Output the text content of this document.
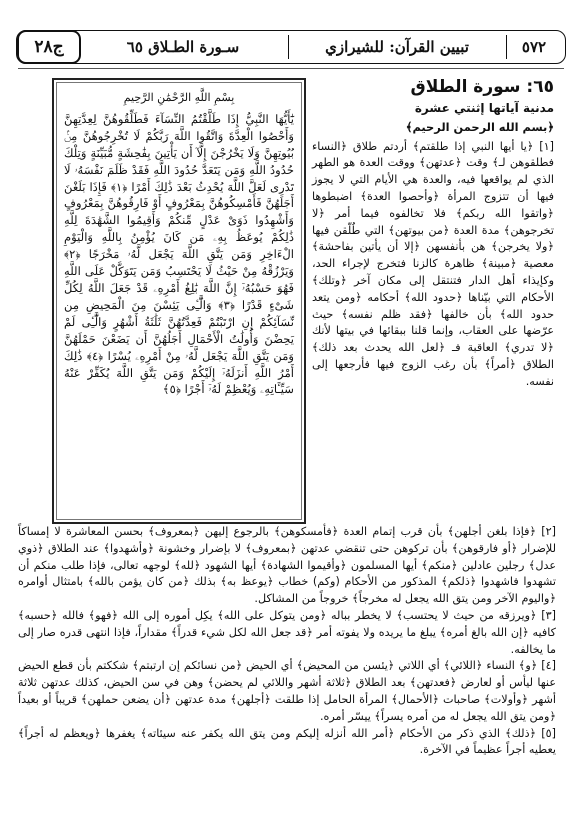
٥٧٢
تبيين القرآن: للشيرازي
سـورة الطـلاق ٦٥
ج٢٨
بِسْمِ اللَّهِ الرَّحْمَٰنِ الرَّحِيمِ
يَٰٓأَيُّهَا النَّبِيُّ إِذَا طَلَّقْتُمُ النِّسَآءَ فَطَلِّقُوهُنَّ لِعِدَّتِهِنَّ وَأَحْصُوا الْعِدَّةَ وَاتَّقُوا اللَّهَ رَبَّكُمْ لَا تُخْرِجُوهُنَّ مِنۢ بُيُوتِهِنَّ وَلَا يَخْرُجْنَ إِلَّآ أَن يَأْتِينَ بِفَٰحِشَةٍ مُّبَيِّنَةٍ وَتِلْكَ حُدُودُ اللَّهِ وَمَن يَتَعَدَّ حُدُودَ اللَّهِ فَقَدْ ظَلَمَ نَفْسَهُۥ لَا تَدْرِى لَعَلَّ اللَّهَ يُحْدِثُ بَعْدَ ذَٰلِكَ أَمْرًا ﴿١﴾ فَإِذَا بَلَغْنَ أَجَلَهُنَّ فَأَمْسِكُوهُنَّ بِمَعْرُوفٍ أَوْ فَارِقُوهُنَّ بِمَعْرُوفٍ وَأَشْهِدُوا ذَوَىْ عَدْلٍ مِّنكُمْ وَأَقِيمُوا الشَّهَٰدَةَ لِلَّهِ ذَٰلِكُمْ يُوعَظُ بِهِۦ مَن كَانَ يُؤْمِنُ بِاللَّهِ وَالْيَوْمِ الْءَاخِرِ وَمَن يَتَّقِ اللَّهَ يَجْعَل لَّهُۥ مَخْرَجًا ﴿٢﴾ وَيَرْزُقْهُ مِنْ حَيْثُ لَا يَحْتَسِبُ وَمَن يَتَوَكَّلْ عَلَى اللَّهِ فَهُوَ حَسْبُهُۥٓ إِنَّ اللَّهَ بَٰلِغُ أَمْرِهِۦ قَدْ جَعَلَ اللَّهُ لِكُلِّ شَىْءٍ قَدْرًا ﴿٣﴾ وَالَّٰٓـِٔى يَئِسْنَ مِنَ الْمَحِيضِ مِن نِّسَآئِكُمْ إِنِ ارْتَبْتُمْ فَعِدَّتُهُنَّ ثَلَٰثَةُ أَشْهُرٍ وَالَّٰٓـِٔى لَمْ يَحِضْنَ وَأُولَٰتُ الْأَحْمَالِ أَجَلُهُنَّ أَن يَضَعْنَ حَمْلَهُنَّ وَمَن يَتَّقِ اللَّهَ يَجْعَل لَّهُۥ مِنْ أَمْرِهِۦ يُسْرًا ﴿٤﴾ ذَٰلِكَ أَمْرُ اللَّهِ أَنزَلَهُۥٓ إِلَيْكُمْ وَمَن يَتَّقِ اللَّهَ يُكَفِّرْ عَنْهُ سَيِّـَٔاتِهِۦ وَيُعْظِمْ لَهُۥٓ أَجْرًا ﴿٥﴾
٦٥: سورة الطلاق
مدنية آياتها إثنتي عشرة
﴿بسم الله الرحمن الرحيم﴾

[١] ﴿يا أيها النبي إذا طلقتم﴾ أردتم طلاق ﴿النساء فطلقوهن لـ﴾ وقت ﴿عدتهن﴾ ووقت العدة هو الطهر الذي لم يواقعها فيه، والعدة هي الأيام التي لا يجوز فيها أن تتزوج المرأة ﴿وأحصوا العدة﴾ اضبطوها ﴿واتقوا الله ربكم﴾ فلا تخالفوه فيما أمر ﴿لا تخرجوهن﴾ مدة العدة ﴿من بيوتهن﴾ التي طُلّقن فيها ﴿ولا يخرجن﴾ هن بأنفسهن ﴿إلا أن يأتين بفاحشة﴾ معصية ﴿مبينة﴾ ظاهرة كالزنا فتخرج لإجراء الحد، وكإيذاء أهل الدار فتنتقل إلى مكان آخر ﴿وتلك﴾ الأحكام التي بيّناها ﴿حدود الله﴾ أحكامه ﴿ومن يتعد حدود الله﴾ بأن خالفها ﴿فقد ظلم نفسه﴾ حيث عرّضها على العقاب، وإنما قلنا ببقائها في بيتها لأنك ﴿لا تدري﴾ العاقبة فـ ﴿لعل الله يحدث بعد ذلك﴾ الطلاق ﴿أمراً﴾ بأن رغب الزوج فيها فأرجعها إلى نفسه.

[٢] ﴿فإذا بلغن أجلهن﴾ بأن قرب إتمام العدة ﴿فأمسكوهن﴾ بالرجوع إليهن ﴿بمعروف﴾ بحسن المعاشرة لا إمساكاً للإضرار ﴿أو فارقوهن﴾ بأن تركوهن حتى تنقضي عدتهن ﴿بمعروف﴾ لا بإضرار وخشونة ﴿وأشهدوا﴾ عند الطلاق ﴿ذوي عدل﴾ رجلين عادلين ﴿منكم﴾ أيها المسلمون ﴿وأقيموا الشهادة﴾ أيها الشهود ﴿لله﴾ لوجهه تعالى، فإذا طلب منكم أن تشهدوا فاشهدوا ﴿ذلكم﴾ المذكور من الأحكام (وكم) خطاب ﴿يوعظ به﴾ بذلك ﴿من كان يؤمن بالله﴾ بامتثال أوامره ﴿واليوم الآخر ومن يتق الله يجعل له مخرجاً﴾ خروجاً من المشاكل.

[٣] ﴿ويرزقه من حيث لا يحتسب﴾ لا يخطر بباله ﴿ومن يتوكل على الله﴾ يكِل أموره إلى الله ﴿فهو﴾ فالله ﴿حسبه﴾ كافيه ﴿إن الله بالغ أمره﴾ يبلغ ما يريده ولا يفوته أمر ﴿قد جعل الله لكل شيء قدراً﴾ مقداراً، فإذا انتهى قدره صار إلى ما يخالفه.

[٤] ﴿و﴾ النساء ﴿اللائي﴾ أي اللاتي ﴿يئسن من المحيض﴾ أي الحيض ﴿من نسائكم إن ارتبتم﴾ شككتم بأن قطع الحيض عنها ليأس أو لعارض ﴿فعدتهن﴾ بعد الطلاق ﴿ثلاثة أشهر واللائي لم يحضن﴾ وهن في سن الحيض، كذلك عدتهن ثلاثة أشهر ﴿وأولات﴾ صاحبات ﴿الأحمال﴾ المرأة الحامل إذا طلقت ﴿أجلهن﴾ مدة عدتهن ﴿أن يضعن حملهن﴾ قريباً أو بعيداً ﴿ومن يتق الله يجعل له من أمره يسراً﴾ ييسّر أمره.

[٥] ﴿ذلك﴾ الذي ذكر من الأحكام ﴿أمر الله أنزله إليكم ومن يتق الله يكفر عنه سيئاته﴾ يغفرها ﴿ويعظم له أجراً﴾ يعطيه أجراً عظيماً في الآخرة.
